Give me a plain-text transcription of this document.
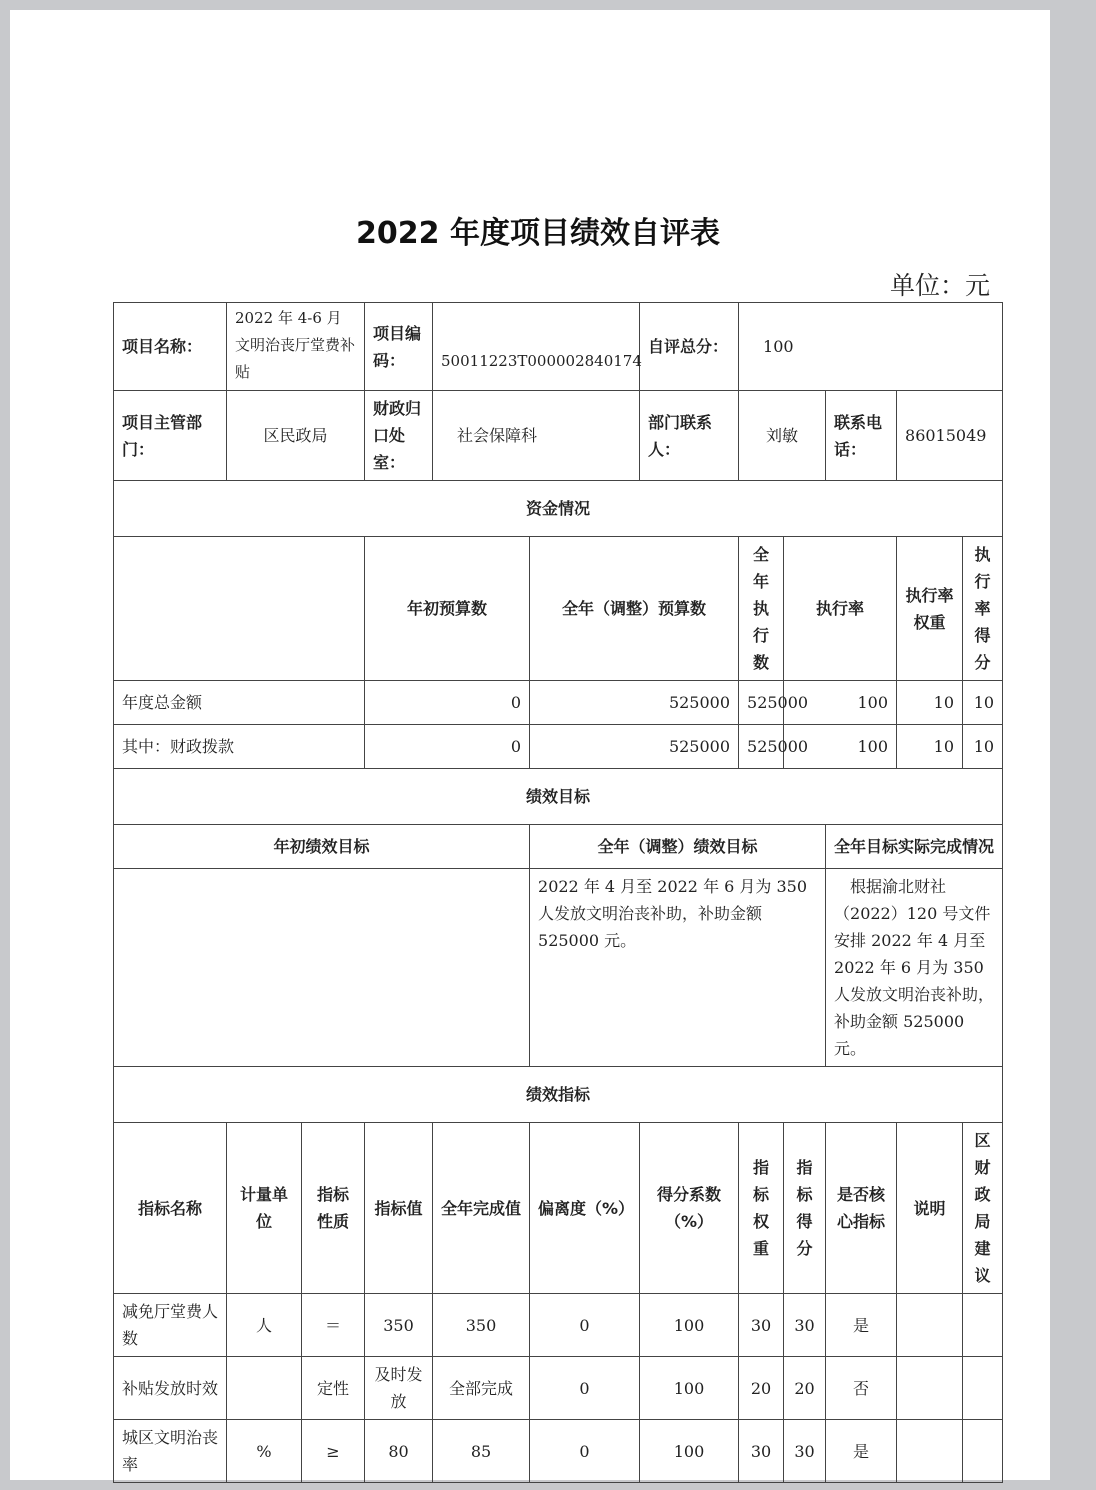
2022 年度项目绩效自评表
单位：元
项目名称：	2022 年 4-6 月文明治丧厅堂费补贴		项目编码：	50011223T000002840174		自评总分：	100				
项目主管部门：	区民政局		财政归口处室：	社会保障科		部门联系人：	刘敏		联系电话：	86015049	
资金情况											
			年初预算数		全年（调整）预算数		全年执行数	执行率		执行率权重	执行率得分
年度总金额			0		525000		525000	100		10	10
其中：财政拨款			0		525000		525000	100		10	10
绩效目标											
年初绩效目标					全年（调整）绩效目标				全年目标实际完成情况		
					2022 年 4 月至 2022 年 6 月为 350 人发放文明治丧补助，补助金额 525000 元。				根据渝北财社（2022）120 号文件安排 2022 年 4 月至 2022 年 6 月为 350 人发放文明治丧补助，补助金额 525000 元。		
绩效指标											
指标名称	计量单位	指标性质	指标值	全年完成值	偏离度（%）	得分系数（%）	指标权重	指标得分	是否核心指标	说明	区财政局建议
减免厅堂费人数	人	＝	350	350	0	100	30	30	是		
补贴发放时效		定性	及时发放	全部完成	0	100	20	20	否		
城区文明治丧率	%	≥	80	85	0	100	30	30	是		
